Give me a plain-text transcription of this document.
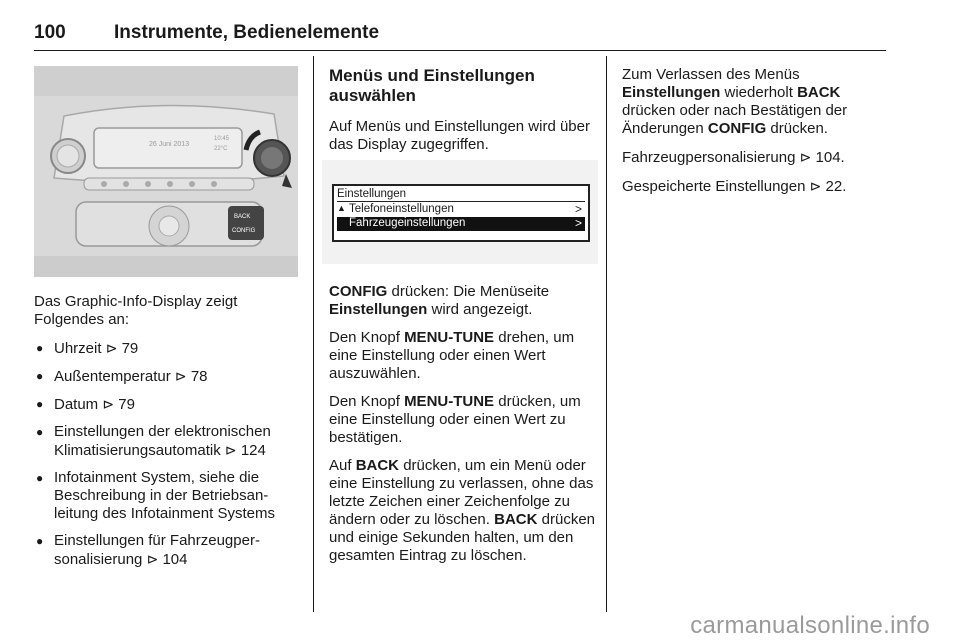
100	Instrumente, Bedienelemente
26 Juni 2013
10:45
22°C
BACK
CONFIG

Das Graphic-Info-Display zeigt Folgendes an:

● Uhrzeit ⊳ 79
● Außentemperatur ⊳ 78
● Datum ⊳ 79
● Einstellungen der elektronischen Klimatisierungsautomatik ⊳ 124
● Infotainment System, siehe die Beschreibung in der Betriebsan-leitung des Infotainment Systems
● Einstellungen für Fahrzeugper-sonalisierung ⊳ 104
Menüs und Einstellungen auswählen

Auf Menüs und Einstellungen wird über das Display zugegriffen.

Einstellungen
▲ Telefoneinstellungen	>
Fahrzeugeinstellungen	>

CONFIG drücken: Die Menüseite Einstellungen wird angezeigt.

Den Knopf MENU-TUNE drehen, um eine Einstellung oder einen Wert auszuwählen.

Den Knopf MENU-TUNE drücken, um eine Einstellung oder einen Wert zu bestätigen.

Auf BACK drücken, um ein Menü oder eine Einstellung zu verlassen, ohne das letzte Zeichen einer Zeichenfolge zu ändern oder zu löschen. BACK drücken und einige Sekunden halten, um den gesamten Eintrag zu löschen.

Zum Verlassen des Menüs Einstellungen wiederholt BACK drücken oder nach Bestätigen der Änderungen CONFIG drücken.

Fahrzeugpersonalisierung ⊳ 104.

Gespeicherte Einstellungen ⊳ 22.

carmanualsonline.info
